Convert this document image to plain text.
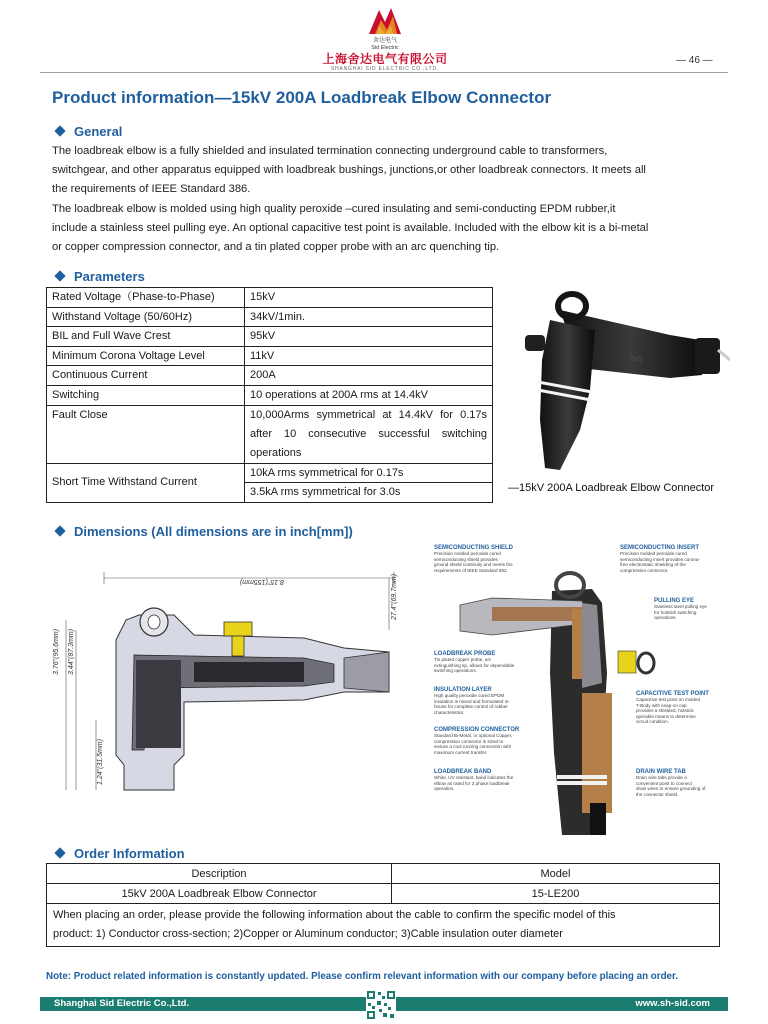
舍达电气
Sid Electric
上海舍达电气有限公司
SHANGHAI SID ELECTRIC CO.,LTD.
— 46 —
Product information—15kV 200A Loadbreak Elbow Connector
General
The loadbreak elbow is a fully shielded and insulated termination connecting underground cable to transformers,
switchgear, and other apparatus equipped with loadbreak bushings, junctions,or other loadbreak connectors. It meets all
the requirements of IEEE Standard 386.
The loadbreak elbow is molded using high quality peroxide –cured insulating and semi-conducting EPDM rubber,it
include a stainless steel pulling eye. An optional capacitive test point is available. Included with the elbow kit is a bi-metal
or copper compression connector, and a tin plated copper probe with an arc quenching tip.
Parameters
Rated Voltage（Phase-to-Phase)	15kV
Withstand Voltage (50/60Hz)	34kV/1min.
BIL and Full Wave Crest	95kV
Minimum Corona Voltage Level	11kV
Continuous Current	200A
Switching	10 operations at 200A rms at 14.4kV
Fault Close	10,000Arms symmetrical at 14.4kV for 0.17s after 10 consecutive successful switching operations
Short Time Withstand Current	10kA rms symmetrical for 0.17s
	3.5kA rms symmetrical for 3.0s
SID
—15kV 200A Loadbreak Elbow Connector
Dimensions (All dimensions are in inch[mm])
8.15"(155mm)	27.4"(69.7mm)
3.76"(95.6mm) 3.44"(87.3mm)
1.24"(31.5mm)
SEMICONDUCTING SHIELD
Precision molded peroxide cured
semiconducting shield provides
ground shield continuity and meets the
requirements of IEEE Standard 592.
SEMICONDUCTING INSERT
Precision molded peroxide cured
semiconducting insert provides corona-
free electrostatic shielding of the
compression connector.
PULLING EYE
Stainless steel pulling eye
for hotstick switching
operations.
LOADBREAK PROBE
Tin plated copper probe, arc
extinguishing tip, allows for dependable
switching operations.
INSULATION LAYER
High quality peroxide cured EPDM
insulation is mixed and formulated in-
house for complete control of rubber
characteristics.
CAPACITIVE TEST POINT
Capacitive test point on molded
T-Body with snap-on cap
provides a shielded, hotstick
operable means to determine
circuit condition.
COMPRESSION CONNECTOR
Standard Bi-Metal, or optional Copper,
compression connector is sized to
ensure a cool running connection with
maximum current transfer.
LOADBREAK BAND
White, UV resistant, band indicates the
elbow as rated for 3 phase loadbreak
operation.
DRAIN WIRE TAB
Drain wire tabs provide a
convenient point to connect
drain wires to ensure grounding of
the connector shield.
Order Information
Description	Model
15kV 200A Loadbreak Elbow Connector	15-LE200

When placing an order, please provide the following information about the cable to confirm the specific model of this
product: 1) Conductor cross-section; 2)Copper or Aluminum conductor; 3)Cable insulation outer diameter	
Note: Product related information is constantly updated. Please confirm relevant information with our company before placing an order.
Shanghai Sid Electric Co.,Ltd.	www.sh-sid.com
